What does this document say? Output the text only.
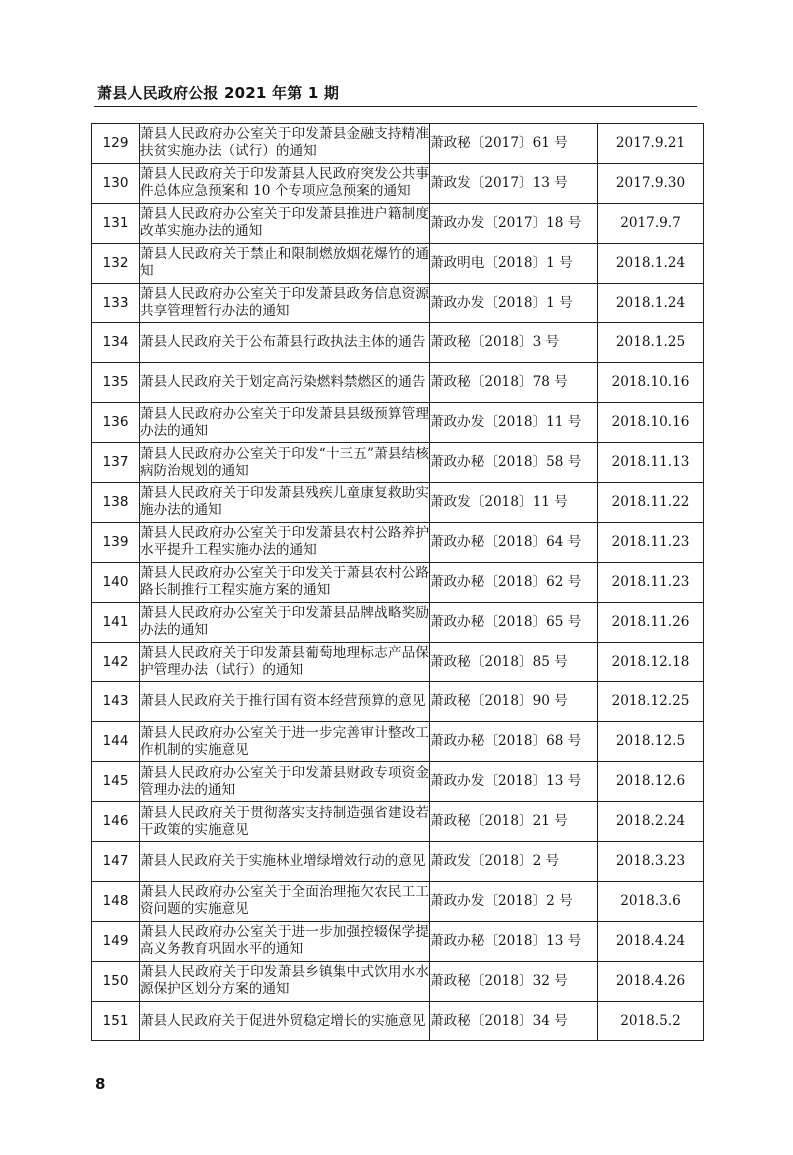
萧县人民政府公报 2021 年第 1 期
129	萧县人民政府办公室关于印发萧县金融支持精准扶贫实施办法（试行）的通知	萧政秘〔2017〕61 号	2017.9.21
130	萧县人民政府关于印发萧县人民政府突发公共事件总体应急预案和 10 个专项应急预案的通知	萧政发〔2017〕13 号	2017.9.30
131	萧县人民政府办公室关于印发萧县推进户籍制度改革实施办法的通知	萧政办发〔2017〕18 号	2017.9.7
132	萧县人民政府关于禁止和限制燃放烟花爆竹的通知	萧政明电〔2018〕1 号	2018.1.24
133	萧县人民政府办公室关于印发萧县政务信息资源共享管理暂行办法的通知	萧政办发〔2018〕1 号	2018.1.24
134	萧县人民政府关于公布萧县行政执法主体的通告	萧政秘〔2018〕3 号	2018.1.25
135	萧县人民政府关于划定高污染燃料禁燃区的通告	萧政秘〔2018〕78 号	2018.10.16
136	萧县人民政府办公室关于印发萧县县级预算管理办法的通知	萧政办发〔2018〕11 号	2018.10.16
137	萧县人民政府办公室关于印发“十三五”萧县结核病防治规划的通知	萧政办秘〔2018〕58 号	2018.11.13
138	萧县人民政府关于印发萧县残疾儿童康复救助实施办法的通知	萧政发〔2018〕11 号	2018.11.22
139	萧县人民政府办公室关于印发萧县农村公路养护水平提升工程实施办法的通知	萧政办秘〔2018〕64 号	2018.11.23
140	萧县人民政府办公室关于印发关于萧县农村公路路长制推行工程实施方案的通知	萧政办秘〔2018〕62 号	2018.11.23
141	萧县人民政府办公室关于印发萧县品牌战略奖励办法的通知	萧政办秘〔2018〕65 号	2018.11.26
142	萧县人民政府关于印发萧县葡萄地理标志产品保护管理办法（试行）的通知	萧政秘〔2018〕85 号	2018.12.18
143	萧县人民政府关于推行国有资本经营预算的意见	萧政秘〔2018〕90 号	2018.12.25
144	萧县人民政府办公室关于进一步完善审计整改工作机制的实施意见	萧政办秘〔2018〕68 号	2018.12.5
145	萧县人民政府办公室关于印发萧县财政专项资金管理办法的通知	萧政办发〔2018〕13 号	2018.12.6
146	萧县人民政府关于贯彻落实支持制造强省建设若干政策的实施意见	萧政秘〔2018〕21 号	2018.2.24
147	萧县人民政府关于实施林业增绿增效行动的意见	萧政发〔2018〕2 号	2018.3.23
148	萧县人民政府办公室关于全面治理拖欠农民工工资问题的实施意见	萧政办发〔2018〕2 号	2018.3.6
149	萧县人民政府办公室关于进一步加强控辍保学提高义务教育巩固水平的通知	萧政办秘〔2018〕13 号	2018.4.24
150	萧县人民政府关于印发萧县乡镇集中式饮用水水源保护区划分方案的通知	萧政秘〔2018〕32 号	2018.4.26
151	萧县人民政府关于促进外贸稳定增长的实施意见	萧政秘〔2018〕34 号	2018.5.2
8
